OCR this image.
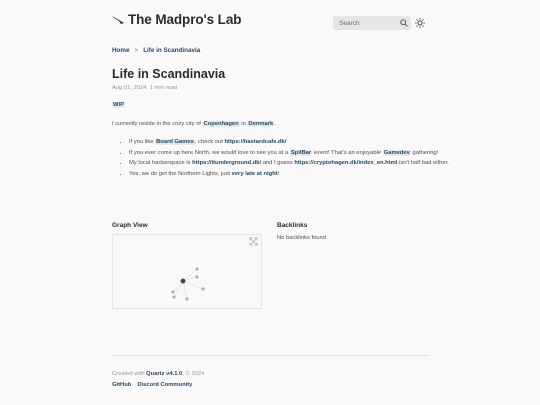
The Madpro's Lab	Search
Home > Life in Scandinavia
Life in Scandinavia
Aug 01, 2024, 1 min read
WIP
I currently reside in the cozy city of Copenhagen in Denmark.
• If you like Board Games, check out https://bastardcafe.dk/
• If you ever come up here North, we would love to see you at a SpilBar event! That's an enjoyable Gamedev gathering!
• My local hackerspace is https://itunderground.dk/ and I guess https://cryptohagen.dk/index_en.html isn't half bad either.
• Yes, we do get the Northern Lights, just very late at night!
Graph View	Backlinks
No backlinks found
Created with Quartz v4.1.0, © 2024
GitHub Discord Community
